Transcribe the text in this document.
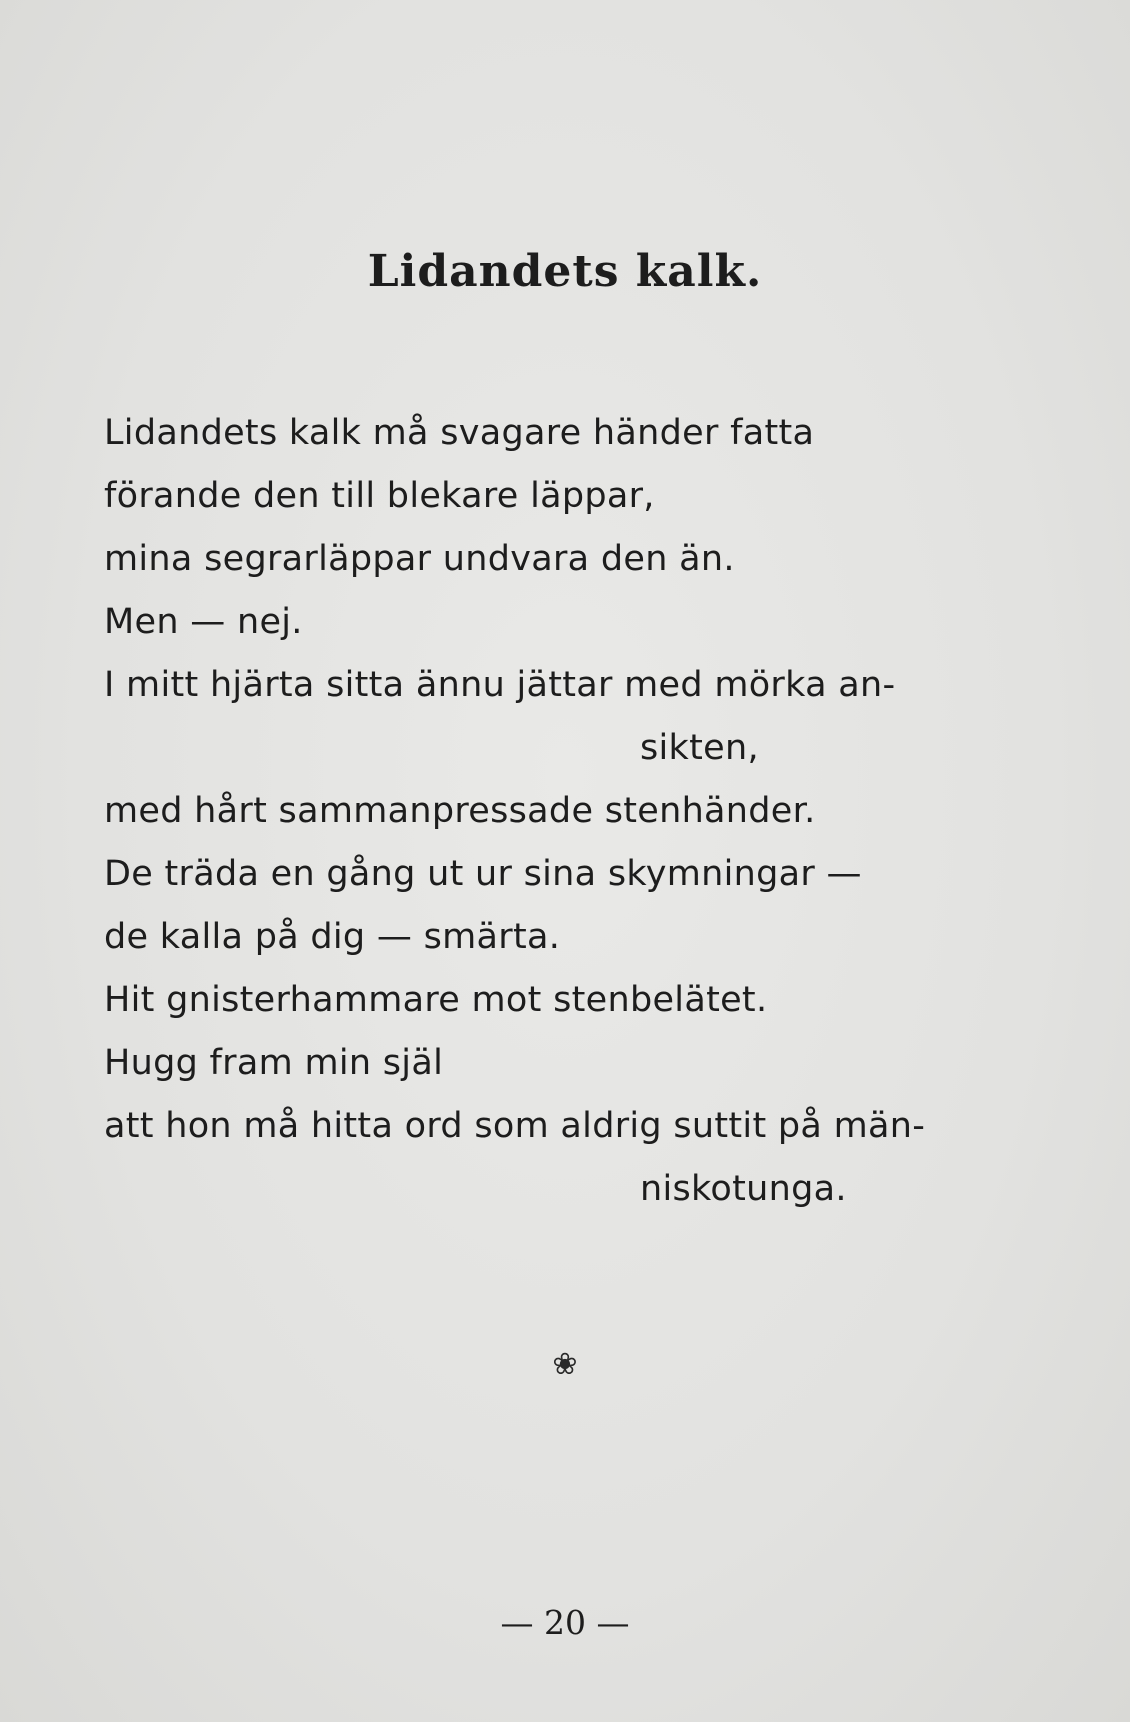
Lidandets kalk.
Lidandets kalk må svagare händer fatta
förande den till blekare läppar,
mina segrarläppar undvara den än.
Men — nej.
I mitt hjärta sitta ännu jättar med mörka an-
sikten,
med hårt sammanpressade stenhänder.
De träda en gång ut ur sina skymningar —
de kalla på dig — smärta.
Hit gnisterhammare mot stenbelätet.
Hugg fram min själ
att hon må hitta ord som aldrig suttit på män-
niskotunga.
❀
— 20 —
